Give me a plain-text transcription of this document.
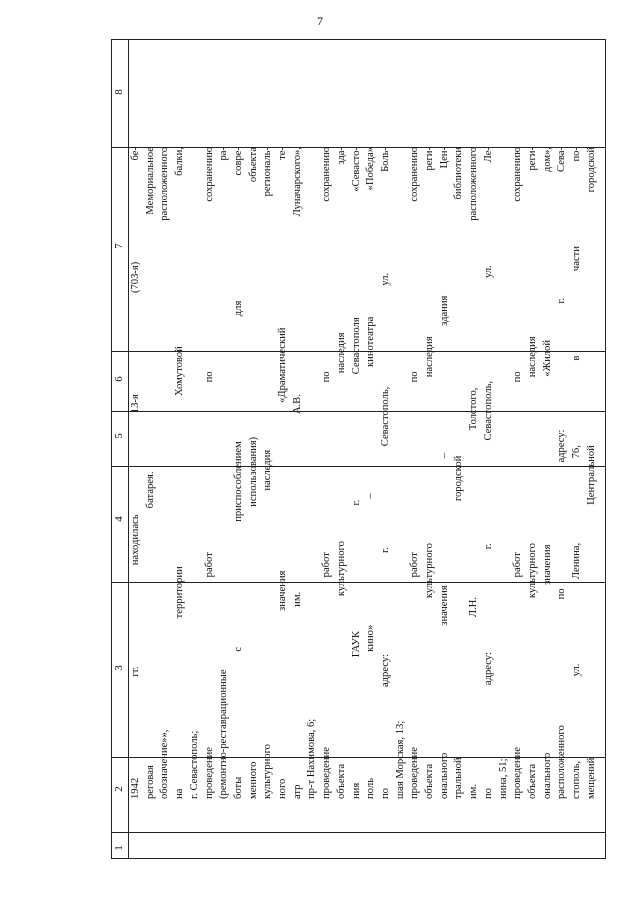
7
1
2
3
4
5
6
7
8
1942 гг. находилась 13-я (703-я) бе- реговая батарея. Мемориальное обозначение»», расположенного на территории Хомутовой балки, г. Севастополь; проведение работ по сохранению (ремонтно-реставрационные ра- боты с приспособлением для совре- менного использования) объекта культурного наследия региональ- ного значения «Драматический те- атр им. А.В. Луначарского», пр-т Нахимова, 6; проведение работ по сохранению объекта культурного наследия зда- ния ГАУК г. Севастополя «Севасто- поль кино» – кинотеатра «Победа» по адресу: г. Севастополь, ул. Боль- шая Морская, 13; проведение работ по сохранению объекта культурного наследия реги- онального значения – здания Цен- тральной городской библиотеки им. Л.Н. Толстого, расположенного по адресу: г. Севастополь, ул. Ле- нина, 51; проведение работ по сохранению объекта культурного наследия реги- онального значения «Жилой дом», расположенного по адресу: г. Сева- стополь, ул. Ленина, 76, в части по- мещений Центральной городской
